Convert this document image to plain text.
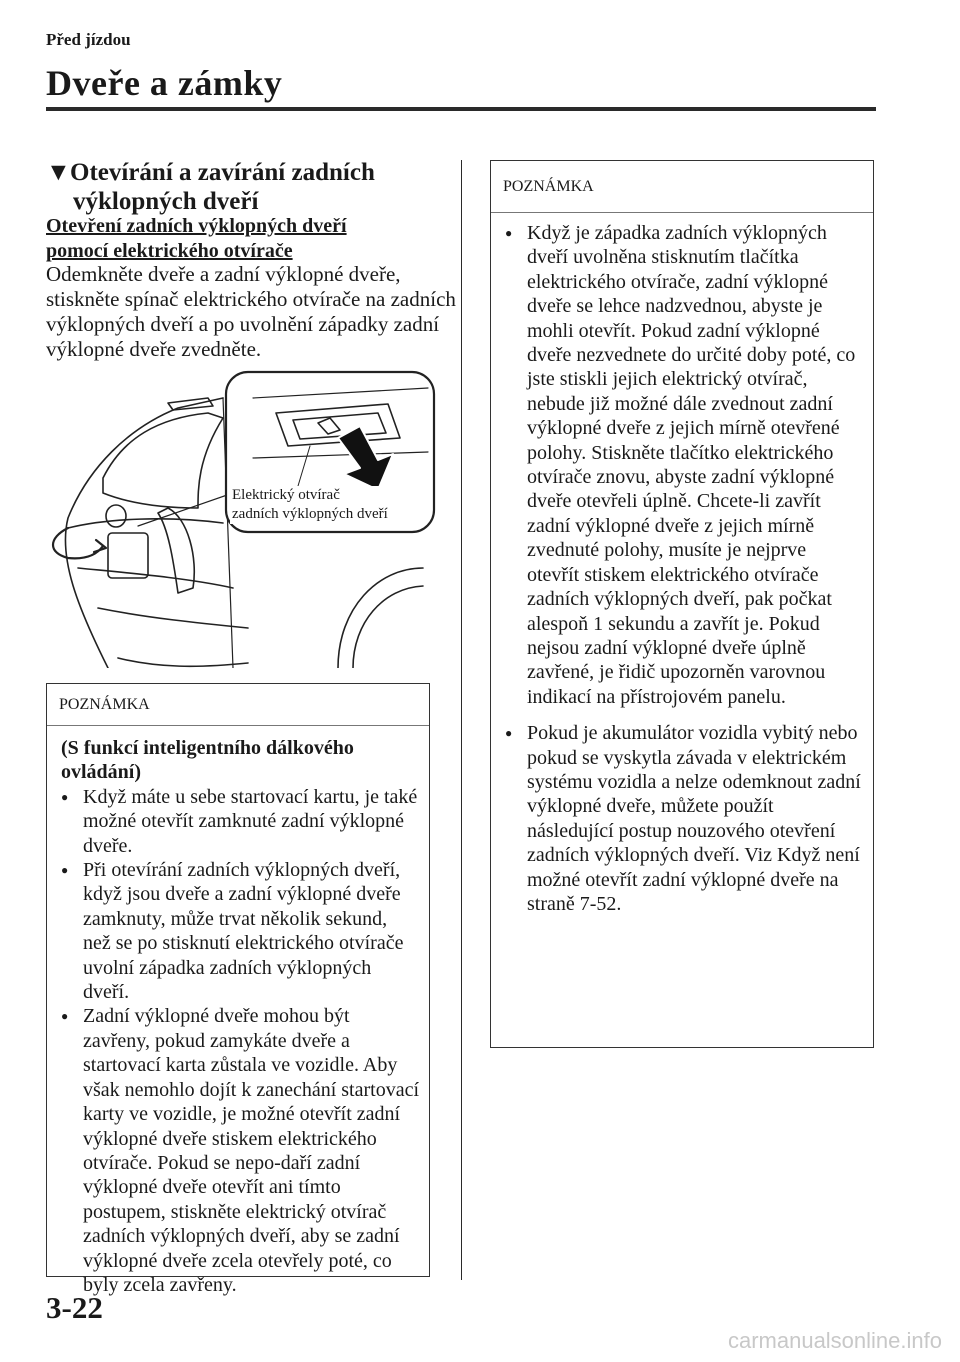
Před jízdou
Dveře a zámky
▼Otevírání a zavírání zadních
výklopných dveří
Otevření zadních výklopných dveří
pomocí elektrického otvírače
Odemkněte dveře a zadní výklopné dveře, stiskněte spínač elektrického otvírače na zadních výklopných dveří a po uvolnění západky zadní výklopné dveře zvedněte.
Elektrický otvírač
zadních výklopných dveří
POZNÁMKA
(S funkcí inteligentního dálkového ovládání)
● Když máte u sebe startovací kartu, je také možné otevřít zamknuté zadní výklopné dveře.
● Při otevírání zadních výklopných dveří, když jsou dveře a zadní výklopné dveře zamknuty, může trvat několik sekund, než se po stisknutí elektrického otvírače uvolní západka zadních výklopných dveří.
● Zadní výklopné dveře mohou být zavřeny, pokud zamykáte dveře a startovací karta zůstala ve vozidle. Aby však nemohlo dojít k zanechání startovací karty ve vozidle, je možné otevřít zadní výklopné dveře stiskem elektrického otvírače. Pokud se nepo-daří zadní výklopné dveře otevřít ani tímto postupem, stiskněte elektrický otvírač zadních výklopných dveří, aby se zadní výklopné dveře zcela otevřely poté, co byly zcela zavřeny.
POZNÁMKA
● Když je západka zadních výklopných dveří uvolněna stisknutím tlačítka elektrického otvírače, zadní výklopné dveře se lehce nadzvednou, abyste je mohli otevřít. Pokud zadní výklopné dveře nezvednete do určité doby poté, co jste stiskli jejich elektrický otvírač, nebude již možné dále zvednout zadní výklopné dveře z jejich mírně otevřené polohy. Stiskněte tlačítko elektrického otvírače znovu, abyste zadní výklopné dveře otevřeli úplně. Chcete-li zavřít zadní výklopné dveře z jejich mírně zvednuté polohy, musíte je nejprve otevřít stiskem elektrického otvírače zadních výklopných dveří, pak počkat alespoň 1 sekundu a zavřít je. Pokud nejsou zadní výklopné dveře úplně zavřené, je řidič upozorněn varovnou indikací na přístrojovém panelu.
● Pokud je akumulátor vozidla vybitý nebo pokud se vyskytla závada v elektrickém systému vozidla a nelze odemknout zadní výklopné dveře, můžete použít následující postup nouzového otevření zadních výklopných dveří. Viz Když není možné otevřít zadní výklopné dveře na straně 7-52.
3-22
carmanualsonline.info
